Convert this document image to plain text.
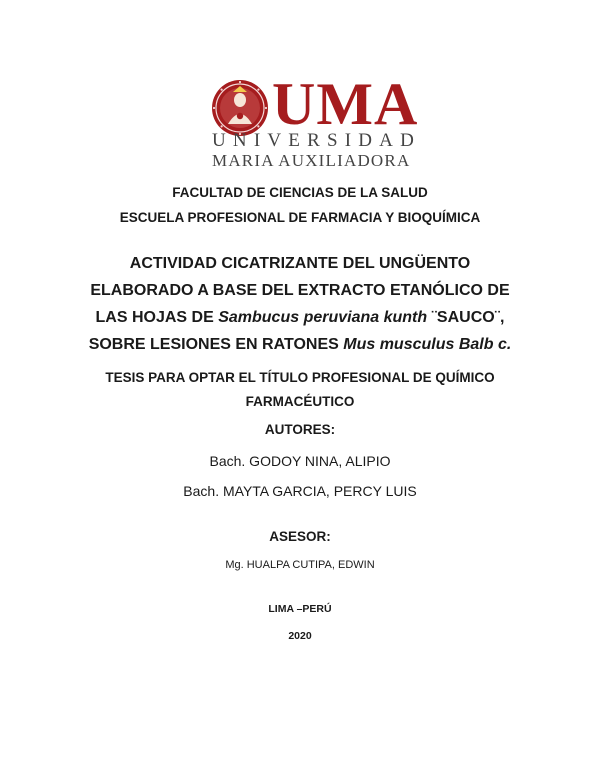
UMA
UNIVERSIDAD
MARIA AUXILIADORA
FACULTAD DE CIENCIAS DE LA SALUD
ESCUELA PROFESIONAL DE FARMACIA Y BIOQUÍMICA
ACTIVIDAD CICATRIZANTE DEL UNGÜENTO
ELABORADO A BASE DEL EXTRACTO ETANÓLICO DE
LAS HOJAS DE Sambucus peruviana kunth ¨SAUCO¨,
SOBRE LESIONES EN RATONES Mus musculus Balb c.
TESIS PARA OPTAR EL TÍTULO PROFESIONAL DE QUÍMICO
FARMACÉUTICO
AUTORES:
Bach. GODOY NINA, ALIPIO
Bach. MAYTA GARCIA, PERCY LUIS
ASESOR:
Mg. HUALPA CUTIPA, EDWIN
LIMA –PERÚ
2020
